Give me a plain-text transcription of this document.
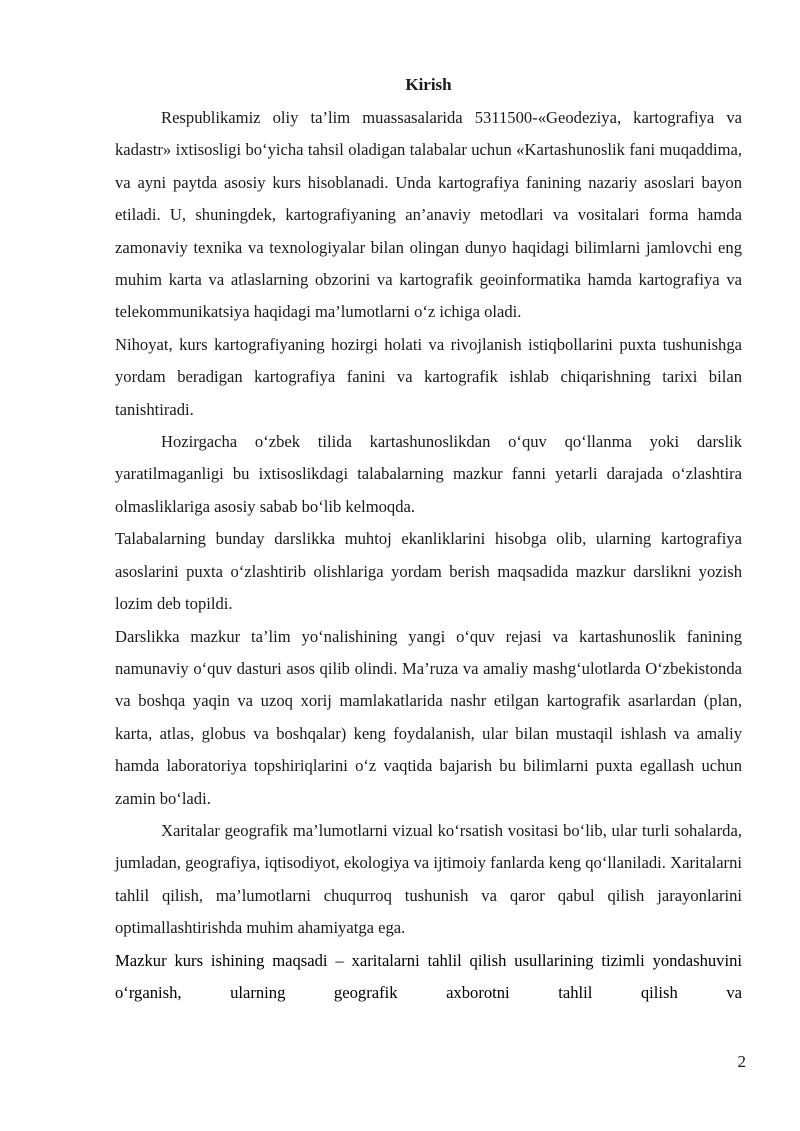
Kirish

Respublikamiz oliy ta’lim muassasalarida 5311500-«Geodeziya, kartografiya va kadastr» ixtisosligi bo‘yicha tahsil oladigan talabalar uchun «Kartashunoslik fani muqaddima, va ayni paytda asosiy kurs hisoblanadi. Unda kartografiya fanining nazariy asoslari bayon etiladi. U, shuningdek, kartografiyaning an’anaviy metodlari va vositalari forma hamda zamonaviy texnika va texnologiyalar bilan olingan dunyo haqidagi bilimlarni jamlovchi eng muhim karta va atlaslarning obzorini va kartografik geoinformatika hamda kartografiya va telekommunikatsiya haqidagi ma’lumotlarni o‘z ichiga oladi.

Nihoyat, kurs kartografiyaning hozirgi holati va rivojlanish istiqbollarini puxta tushunishga yordam beradigan kartografiya fanini va kartografik ishlab chiqarishning tarixi bilan tanishtiradi.

Hozirgacha o‘zbek tilida kartashunoslikdan o‘quv qo‘llanma yoki darslik yaratilmaganligi bu ixtisoslikdagi talabalarning mazkur fanni yetarli darajada o‘zlashtira olmasliklariga asosiy sabab bo‘lib kelmoqda.

Talabalarning bunday darslikka muhtoj ekanliklarini hisobga olib, ularning kartografiya asoslarini puxta o‘zlashtirib olishlariga yordam berish maqsadida mazkur darslikni yozish lozim deb topildi.

Darslikka mazkur ta’lim yo‘nalishining yangi o‘quv rejasi va kartashunoslik fanining namunaviy o‘quv dasturi asos qilib olindi. Ma’ruza va amaliy mashg‘ulotlarda O‘zbekistonda va boshqa yaqin va uzoq xorij mamlakatlarida nashr etilgan kartografik asarlardan (plan, karta, atlas, globus va boshqalar) keng foydalanish, ular bilan mustaqil ishlash va amaliy hamda laboratoriya topshiriqlarini o‘z vaqtida bajarish bu bilimlarni puxta egallash uchun zamin bo‘ladi.

Xaritalar geografik ma’lumotlarni vizual ko‘rsatish vositasi bo‘lib, ular turli sohalarda, jumladan, geografiya, iqtisodiyot, ekologiya va ijtimoiy fanlarda keng qo‘llaniladi. Xaritalarni tahlil qilish, ma’lumotlarni chuqurroq tushunish va qaror qabul qilish jarayonlarini optimallashtirishda muhim ahamiyatga ega.

Mazkur kurs ishining maqsadi – xaritalarni tahlil qilish usullarining tizimli yondashuvini o‘rganish, ularning geografik axborotni tahlil qilish va

2
